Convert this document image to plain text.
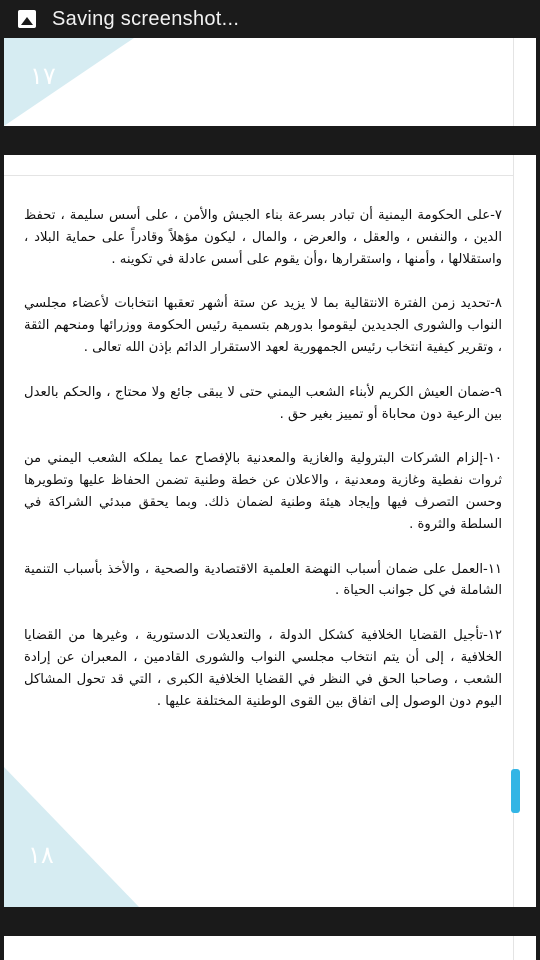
Saving screenshot...
١٧
١٨

٧-على الحكومة اليمنية أن تبادر بسرعة بناء الجيش والأمن ، على أسس سليمة ، تحفظ الدين ، والنفس ، والعقل ، والعرض ، والمال ، ليكون مؤهلاً وقادراً على حماية البلاد ، واستقلالها ، وأمنها ، واستقرارها ،وأن يقوم على أسس عادلة في تكوينه .

٨-تحديد زمن الفترة الانتقالية بما لا يزيد عن ستة أشهر تعقبها انتخابات لأعضاء مجلسي النواب والشورى الجديدين ليقوموا بدورهم بتسمية رئيس الحكومة ووزرائها ومنحهم الثقة ، وتقرير كيفية انتخاب رئيس الجمهورية لعهد الاستقرار الدائم بإذن الله تعالى .

٩-ضمان العيش الكريم لأبناء الشعب اليمني حتى لا يبقى جائع ولا محتاج ، والحكم بالعدل بين الرعية دون محاباة أو تمييز بغير حق .

١٠-إلزام الشركات البترولية والغازية والمعدنية بالإفصاح عما يملكه الشعب اليمني من ثروات نفطية وغازية ومعدنية ، والاعلان عن خطة وطنية تضمن الحفاظ عليها وتطويرها وحسن التصرف فيها وإيجاد هيئة وطنية لضمان ذلك. وبما يحقق مبدئي الشراكة في السلطة والثروة .

١١-العمل على ضمان أسباب النهضة العلمية الاقتصادية والصحية ، والأخذ بأسباب التنمية الشاملة في كل جوانب الحياة .

١٢-تأجيل القضايا الخلافية كشكل الدولة ، والتعديلات الدستورية ، وغيرها من القضايا الخلافية ، إلى أن يتم انتخاب مجلسي النواب والشورى القادمين ، المعبران عن إرادة الشعب ، وصاحبا الحق في النظر في القضايا الخلافية الكبرى ، التي قد تحول المشاكل اليوم دون الوصول إلى اتفاق بين القوى الوطنية المختلفة عليها .
